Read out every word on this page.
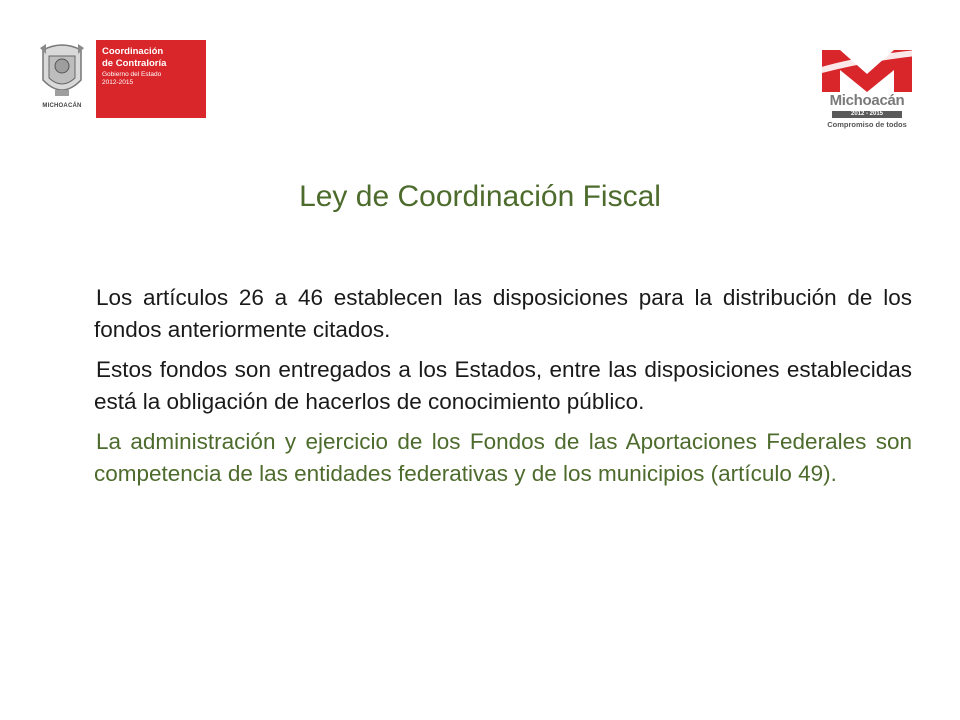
MICHOACÁN
Coordinación
de Contraloría
Gobierno del Estado
2012-2015
Michoacán
2012 - 2015
Compromiso de todos
Ley de Coordinación Fiscal

Los artículos 26 a 46 establecen las disposiciones para la distribución de los fondos anteriormente citados.

Estos fondos son entregados a los Estados, entre las disposiciones establecidas está la obligación de hacerlos de conocimiento público.

La administración y ejercicio de los Fondos de las Aportaciones Federales son competencia de las entidades federativas y de los municipios (artículo 49).
